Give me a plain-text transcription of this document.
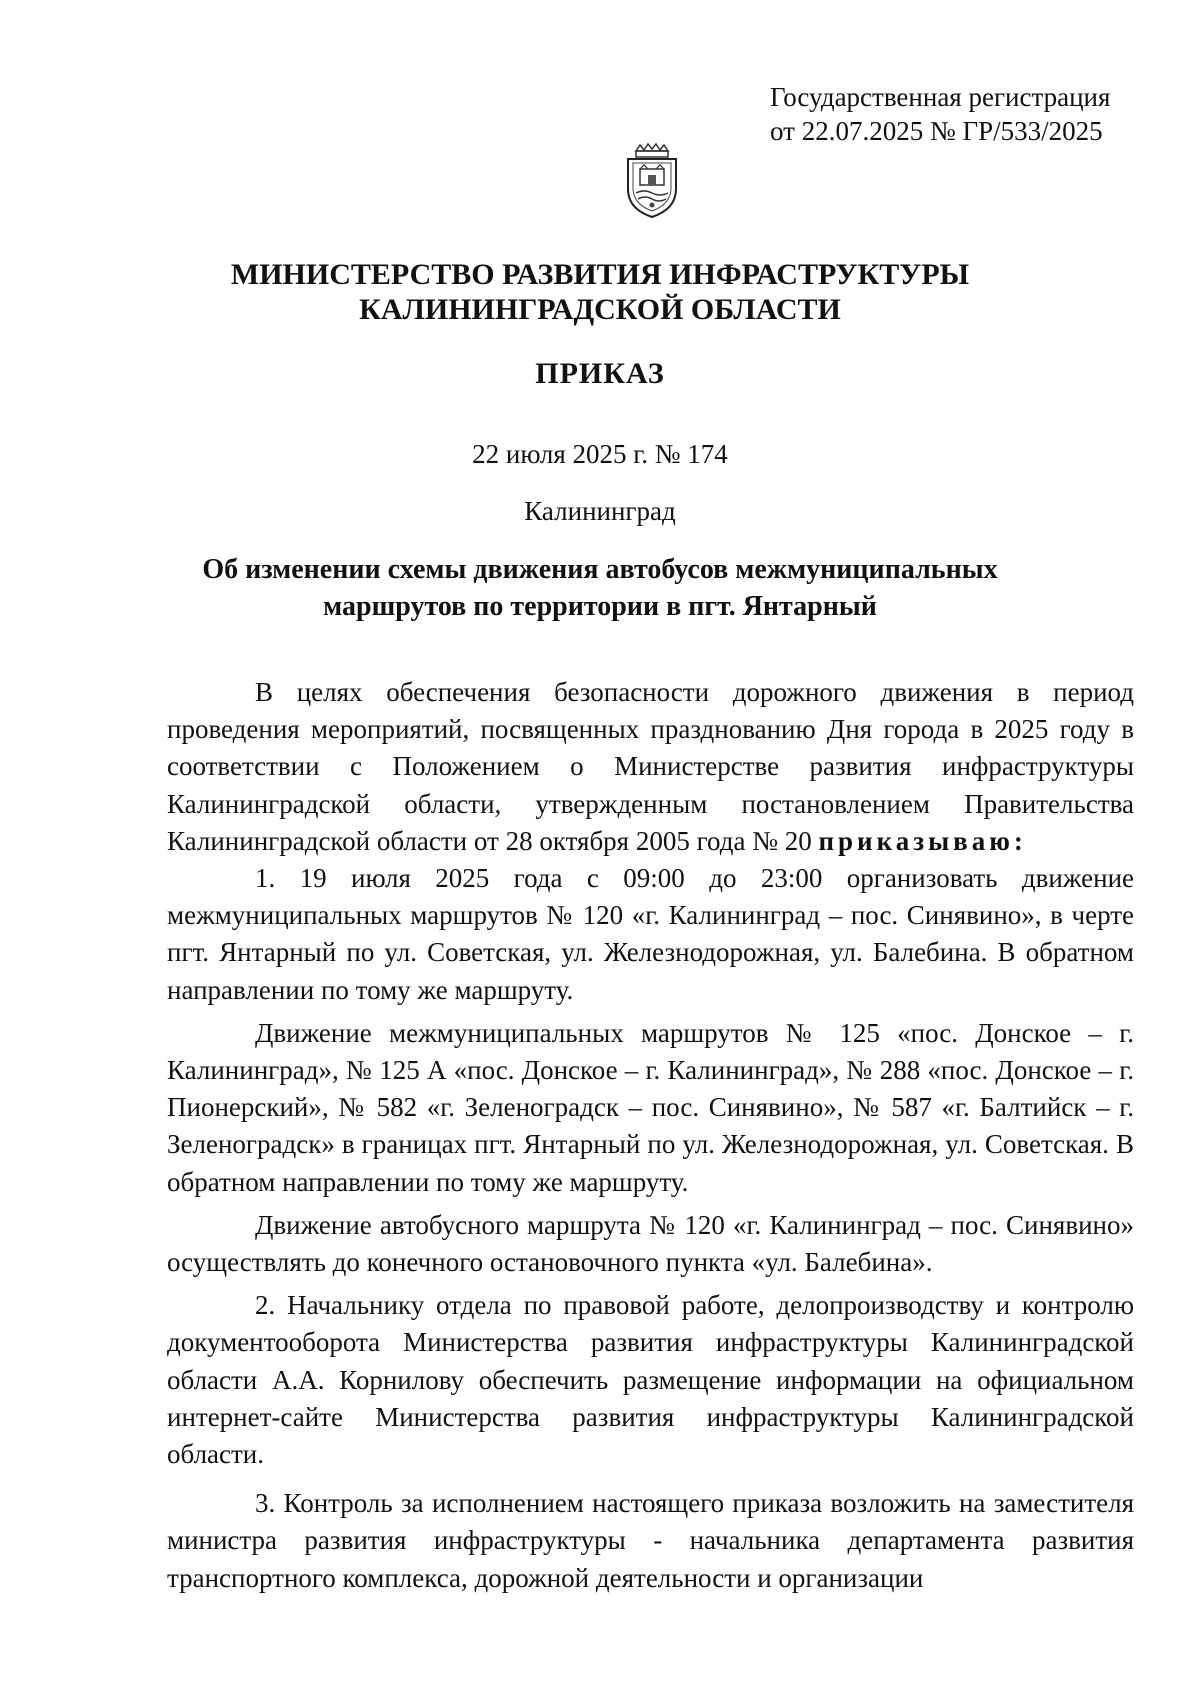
Государственная регистрация
от 22.07.2025 № ГР/533/2025
МИНИСТЕРСТВО РАЗВИТИЯ ИНФРАСТРУКТУРЫ
КАЛИНИНГРАДСКОЙ ОБЛАСТИ
ПРИКАЗ
22 июля 2025 г. № 174
Калининград
Об изменении схемы движения автобусов межмуниципальных
маршрутов по территории в пгт. Янтарный

В целях обеспечения безопасности дорожного движения в период проведения мероприятий, посвященных празднованию Дня города в 2025 году в соответствии с Положением о Министерстве развития инфраструктуры Калининградской области, утвержденным постановлением Правительства Калининградской области от 28 октября 2005 года № 20 приказываю:

1. 19 июля 2025 года с 09:00 до 23:00 организовать движение межмуниципальных маршрутов № 120 «г. Калининград – пос. Синявино», в черте пгт. Янтарный по ул. Советская, ул. Железнодорожная, ул. Балебина. В обратном направлении по тому же маршруту.

Движение межмуниципальных маршрутов № 125 «пос. Донское – г. Калининград», № 125 А «пос. Донское – г. Калининград», № 288 «пос. Донское – г. Пионерский», № 582 «г. Зеленоградск – пос. Синявино», № 587 «г. Балтийск – г. Зеленоградск» в границах пгт. Янтарный по ул. Железнодорожная, ул. Советская. В обратном направлении по тому же маршруту.

Движение автобусного маршрута № 120 «г. Калининград – пос. Синявино» осуществлять до конечного остановочного пункта «ул. Балебина».

2. Начальнику отдела по правовой работе, делопроизводству и контролю документооборота Министерства развития инфраструктуры Калининградской области А.А. Корнилову обеспечить размещение информации на официальном интернет-сайте Министерства развития инфраструктуры Калининградской области.

3. Контроль за исполнением настоящего приказа возложить на заместителя министра развития инфраструктуры - начальника департамента развития транспортного комплекса, дорожной деятельности и организации
